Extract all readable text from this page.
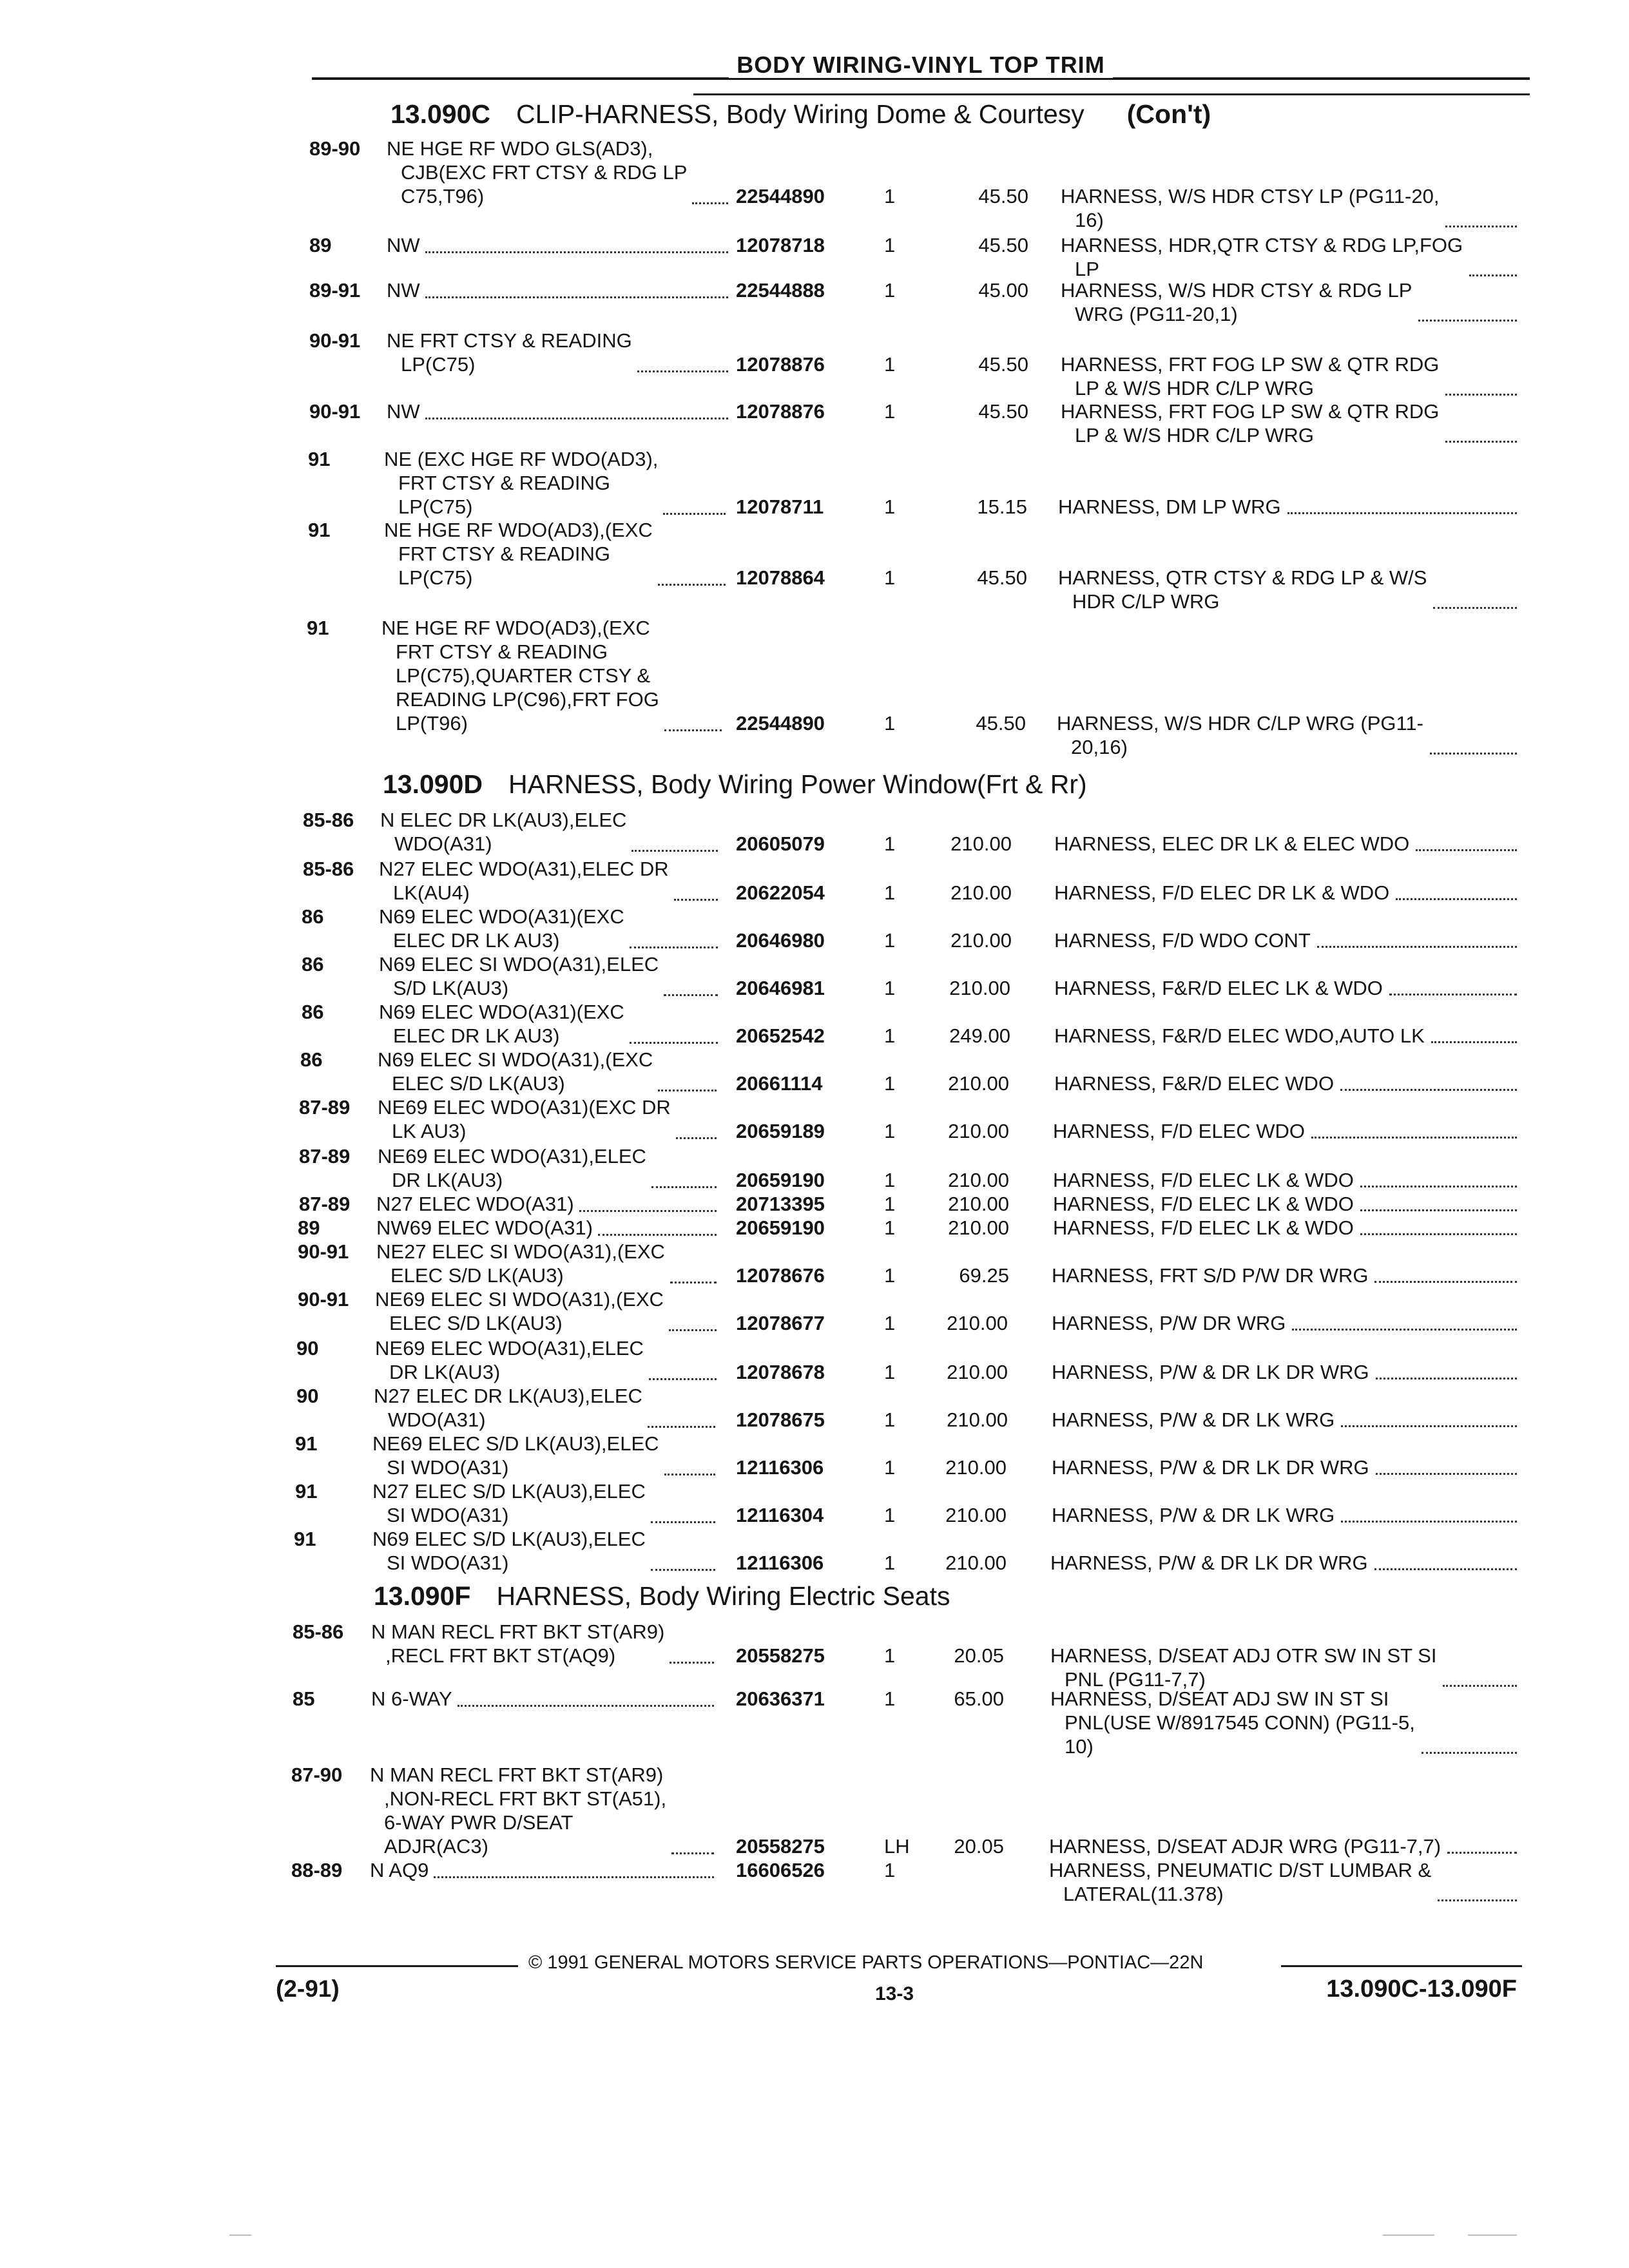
BODY WIRING-VINYL TOP TRIM
13.090C CLIP-HARNESS, Body Wiring Dome & Courtesy (Con't)
13.090D HARNESS, Body Wiring Power Window(Frt & Rr)
13.090F HARNESS, Body Wiring Electric Seats
89-90 NE HGE RF WDO GLS(AD3),
CJB(EXC FRT CTSY & RDG LP
C75,T96)	22544890	1	45.50 HARNESS, W/S HDR CTSY LP (PG11-20,
16)
89	NW	12078718	1	45.50 HARNESS, HDR,QTR CTSY & RDG LP,FOG
LP
89-91 NW	22544888	1	45.00 HARNESS, W/S HDR CTSY & RDG LP
WRG (PG11-20,1)
90-91 NE FRT CTSY & READING
LP(C75)	12078876	1	45.50 HARNESS, FRT FOG LP SW & QTR RDG
LP & W/S HDR C/LP WRG
90-91 NW	12078876	1	45.50 HARNESS, FRT FOG LP SW & QTR RDG
LP & W/S HDR C/LP WRG
91	NE (EXC HGE RF WDO(AD3),
FRT CTSY & READING
LP(C75)	12078711	1	15.15 HARNESS, DM LP WRG
91	NE HGE RF WDO(AD3),(EXC
FRT CTSY & READING
LP(C75)	12078864	1	45.50 HARNESS, QTR CTSY & RDG LP & W/S
HDR C/LP WRG
91	NE HGE RF WDO(AD3),(EXC
FRT CTSY & READING
LP(C75),QUARTER CTSY &
READING LP(C96),FRT FOG
LP(T96)	22544890	1	45.50 HARNESS, W/S HDR C/LP WRG (PG11-
20,16)
85-86 N ELEC DR LK(AU3),ELEC
WDO(A31)	20605079	1	210.00 HARNESS, ELEC DR LK & ELEC WDO
85-86 N27 ELEC WDO(A31),ELEC DR
LK(AU4)	20622054	1	210.00 HARNESS, F/D ELEC DR LK & WDO
86	N69 ELEC WDO(A31)(EXC
ELEC DR LK AU3)	20646980	1	210.00 HARNESS, F/D WDO CONT
86	N69 ELEC SI WDO(A31),ELEC
S/D LK(AU3)	20646981	1	210.00 HARNESS, F&R/D ELEC LK & WDO
86	N69 ELEC WDO(A31)(EXC
ELEC DR LK AU3)	20652542	1	249.00 HARNESS, F&R/D ELEC WDO,AUTO LK
86	N69 ELEC SI WDO(A31),(EXC
ELEC S/D LK(AU3)	20661114	1	210.00 HARNESS, F&R/D ELEC WDO
87-89 NE69 ELEC WDO(A31)(EXC DR
LK AU3)	20659189	1	210.00 HARNESS, F/D ELEC WDO
87-89 NE69 ELEC WDO(A31),ELEC
DR LK(AU3)	20659190	1	210.00 HARNESS, F/D ELEC LK & WDO
87-89 N27 ELEC WDO(A31)	20713395	1	210.00 HARNESS, F/D ELEC LK & WDO
89	NW69 ELEC WDO(A31)	20659190	1	210.00 HARNESS, F/D ELEC LK & WDO
90-91 NE27 ELEC SI WDO(A31),(EXC
ELEC S/D LK(AU3)	12078676	1	69.25 HARNESS, FRT S/D P/W DR WRG
90-91 NE69 ELEC SI WDO(A31),(EXC
ELEC S/D LK(AU3)	12078677	1	210.00 HARNESS, P/W DR WRG
90	NE69 ELEC WDO(A31),ELEC
DR LK(AU3)	12078678	1	210.00 HARNESS, P/W & DR LK DR WRG
90	N27 ELEC DR LK(AU3),ELEC
WDO(A31)	12078675	1	210.00 HARNESS, P/W & DR LK WRG
91	NE69 ELEC S/D LK(AU3),ELEC
SI WDO(A31)	12116306	1	210.00 HARNESS, P/W & DR LK DR WRG
91	N27 ELEC S/D LK(AU3),ELEC
SI WDO(A31)	12116304	1	210.00 HARNESS, P/W & DR LK WRG
91	N69 ELEC S/D LK(AU3),ELEC
SI WDO(A31)	12116306	1	210.00 HARNESS, P/W & DR LK DR WRG
85-86 N MAN RECL FRT BKT ST(AR9)
,RECL FRT BKT ST(AQ9)	20558275	1	20.05 HARNESS, D/SEAT ADJ OTR SW IN ST SI
PNL (PG11-7,7)
85	N 6-WAY	20636371	1	65.00 HARNESS, D/SEAT ADJ SW IN ST SI
PNL(USE W/8917545 CONN) (PG11-5,
10)
87-90 N MAN RECL FRT BKT ST(AR9)
,NON-RECL FRT BKT ST(A51),
6-WAY PWR D/SEAT
ADJR(AC3)	20558275	LH	20.05 HARNESS, D/SEAT ADJR WRG (PG11-7,7)
88-89 N AQ9	16606526	1	HARNESS, PNEUMATIC D/ST LUMBAR &
LATERAL(11.378)
© 1991 GENERAL MOTORS SERVICE PARTS OPERATIONS—PONTIAC—22N
(2-91)	13-3	13.090C-13.090F
